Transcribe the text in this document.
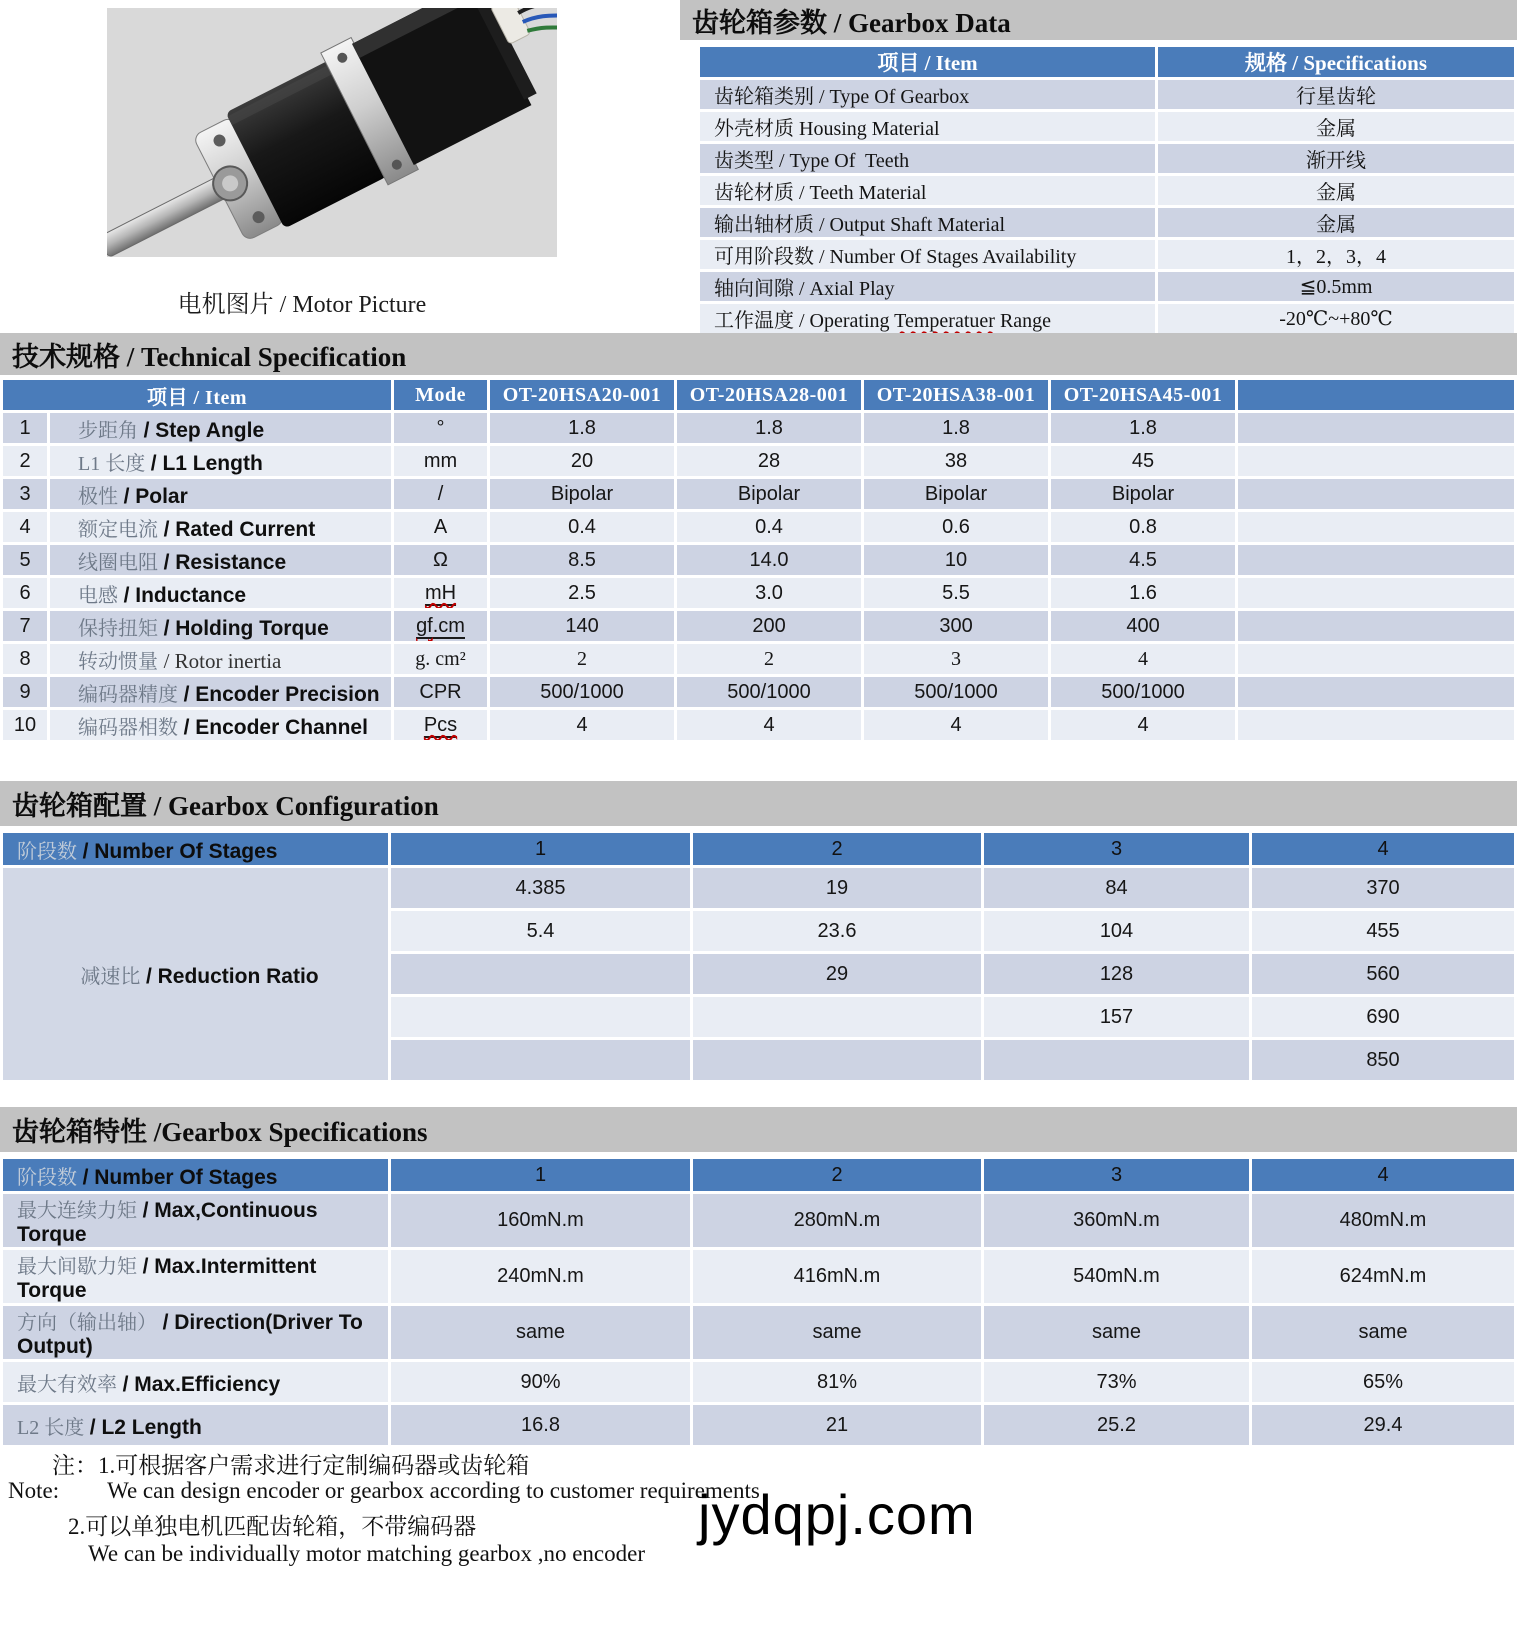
电机图片 / Motor Picture
齿轮箱参数 / Gearbox Data
项目 / Item	规格 / Specifications
齿轮箱类别 / Type Of Gearbox	行星齿轮
外壳材质 Housing Material	金属
齿类型 / Type Of  Teeth	渐开线
齿轮材质 / Teeth Material	金属
输出轴材质 / Output Shaft Material	金属
可用阶段数 / Number Of Stages Availability	1，2，3，4
轴向间隙 / Axial Play	≦0.5mm
工作温度 / Operating Temperatuer Range	-20℃~+80℃

技术规格 / Technical Specification
项目 / Item		Mode	OT-20HSA20-001	OT-20HSA28-001	OT-20HSA38-001	OT-20HSA45-001	
1	步距角 / Step Angle	°	1.8	1.8	1.8	1.8	
2	L1 长度 / L1 Length	mm	20	28	38	45	
3	极性 / Polar	/	Bipolar	Bipolar	Bipolar	Bipolar	
4	额定电流 / Rated Current	A	0.4	0.4	0.6	0.8	
5	线圈电阻 / Resistance	Ω	8.5	14.0	10	4.5	
6	电感 / Inductance	mH	2.5	3.0	5.5	1.6	
7	保持扭矩 / Holding Torque	gf.cm	140	200	300	400	
8	转动惯量 / Rotor inertia	g. cm²	2	2	3	4	
9	编码器精度 / Encoder Precision	CPR	500/1000	500/1000	500/1000	500/1000	
10	编码器相数 / Encoder Channel	Pcs	4	4	4	4	
齿轮箱配置 / Gearbox Configuration
阶段数 / Number Of Stages	1	2	3	4
减速比 / Reduction Ratio	4.385	19	84	370
	5.4	23.6	104	455
		29	128	560
			157	690
				850
齿轮箱特性 /Gearbox Specifications
阶段数 / Number Of Stages	1	2	3	4
最大连续力矩 / Max,Continuous Torque	160mN.m	280mN.m	360mN.m	480mN.m
最大间歇力矩 / Max.Intermittent Torque	240mN.m	416mN.m	540mN.m	624mN.m
方向（输出轴） / Direction(Driver To Output)	same	same	same	same
最大有效率 / Max.Efficiency	90%	81%	73%	65%
L2 长度 / L2 Length	16.8	21	25.2	29.4
注：1.可根据客户需求进行定制编码器或齿轮箱
Note: We can design encoder or gearbox according to customer requirements
2.可以单独电机匹配齿轮箱，不带编码器
We can be individually motor matching gearbox ,no encoder
jydqpj.com
